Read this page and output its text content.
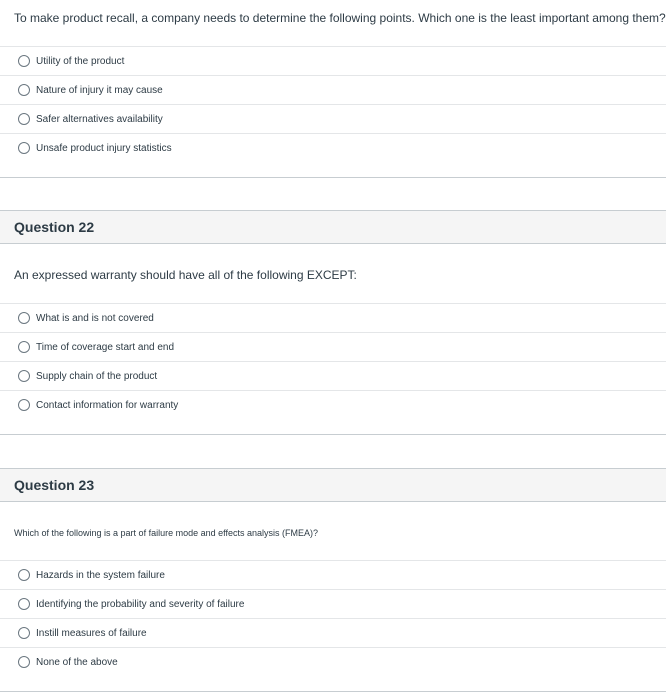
To make product recall, a company needs to determine the following points. Which one is the least important among them?
Utility of the product
Nature of injury it may cause
Safer alternatives availability
Unsafe product injury statistics
Question 22
An expressed warranty should have all of the following EXCEPT:
What is and is not covered
Time of coverage start and end
Supply chain of the product
Contact information for warranty
Question 23
Which of the following is a part of failure mode and effects analysis (FMEA)?
Hazards in the system failure
Identifying the probability and severity of failure
Instill measures of failure
None of the above
